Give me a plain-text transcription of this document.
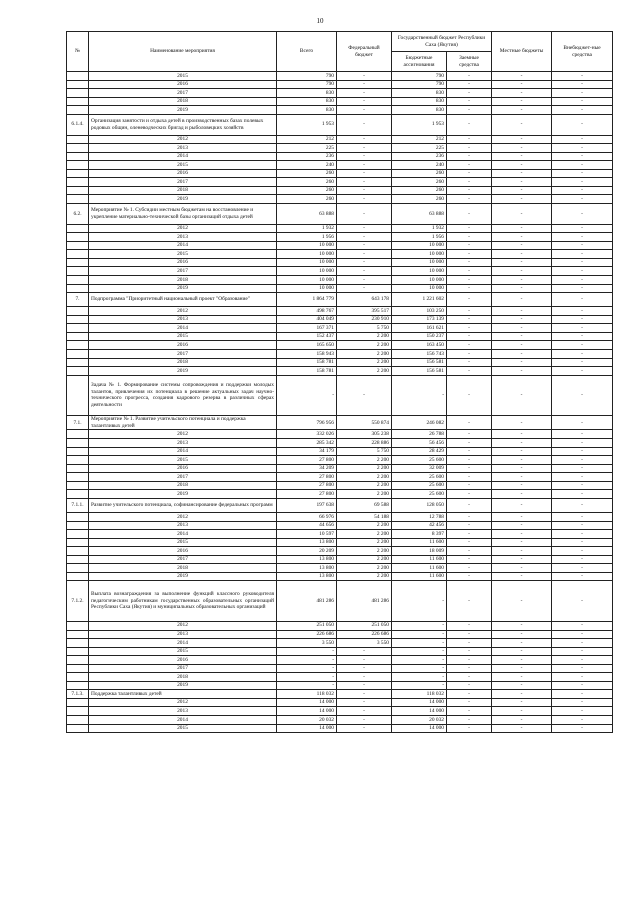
10
№	Наименование мероприятия	Всего	Федеральный бюджет	Государственный бюджет Республики Саха (Якутия)		Местные бюджеты	Внебюджет-ные средства
				Бюджетные ассигнования	Заемные средства		
	2015	790	-	790	-	-	-
	2016	790	-	790	-	-	-
	2017	830	-	830	-	-	-
	2018	830	-	830	-	-	-
	2019	830	-	830	-	-	-
6.1.4.	Организация занятости и отдыха детей в производственных базах полевых родовых общин, оленеводческих бригад и рыболовецких хозяйств	1 953	-	1 953	-	-	-
	2012	212	-	212	-	-	-
	2013	225	-	225	-	-	-
	2014	236	-	236	-	-	-
	2015	240	-	240	-	-	-
	2016	260	-	260	-	-	-
	2017	260	-	260	-	-	-
	2018	260	-	260	-	-	-
	2019	260	-	260	-	-	-
6.2.	Мероприятие № 1. Субсидии местным бюджетам на восстановление и укрепление материально-технической базы организаций отдыха детей	63 888	-	63 888	-	-	-
	2012	1 932	-	1 932	-	-	-
	2013	1 956	-	1 956	-	-	-
	2014	10 000	-	10 000	-	-	-
	2015	10 000	-	10 000	-	-	-
	2016	10 000	-	10 000	-	-	-
	2017	10 000	-	10 000	-	-	-
	2018	10 000	-	10 000	-	-	-
	2019	10 000	-	10 000	-	-	-
7.	Подпрограмма "Приоритетный национальный проект "Образование"	1 864 779	643 178	1 221 602	-	-	-
	2012	498 767	395 517	103 250	-	-	-
	2013	404 049	230 910	173 139	-	-	-
	2014	167 371	5 750	161 621	-	-	-
	2015	152 437	2 200	150 237	-	-	-
	2016	165 650	2 200	163 450	-	-	-
	2017	158 943	2 200	156 743	-	-	-
	2018	158 781	2 200	156 581	-	-	-
	2019	158 781	2 200	156 581	-	-	-
	Задача № 1. Формирование системы сопровождения и поддержки молодых талантов, привлечения их потенциала в решение актуальных задач научно-технического прогресса, создания кадрового резерва в различных сферах деятельности	-	-	-	-	-	-
7.1.	Мероприятие № 1. Развитие учительского потенциала и поддержка талантливых детей	796 956	550 874	246 082	-	-	-
	2012	332 026	305 238	26 788	-	-	-
	2013	285 342	228 886	56 456	-	-	-
	2014	34 179	5 750	28 429	-	-	-
	2015	27 800	2 200	25 600	-	-	-
	2016	34 209	2 200	32 009	-	-	-
	2017	27 800	2 200	25 600	-	-	-
	2018	27 800	2 200	25 600	-	-	-
	2019	27 800	2 200	25 600	-	-	-
7.1.1.	Развитие учительского потенциала, софинансирование федеральных программ	197 638	69 588	128 050	-	-	-
	2012	66 976	54 188	12 788	-	-	-
	2013	44 656	2 200	42 456	-	-	-
	2014	10 597	2 200	8 397	-	-	-
	2015	13 800	2 200	11 600	-	-	-
	2016	20 209	2 200	18 009	-	-	-
	2017	13 800	2 200	11 600	-	-	-
	2018	13 800	2 200	11 600	-	-	-
	2019	13 800	2 200	11 600	-	-	-
7.1.2.	Выплата вознаграждения за выполнение функций классного руководителя педагогическим работникам государственных образовательных организаций Республики Саха (Якутия) и муниципальных образовательных организаций	481 286	481 286	-	-	-	-
	2012	251 050	251 050	-	-	-	-
	2013	226 686	226 686	-	-	-	-
	2014	3 550	3 550	-	-	-	-
	2015	-	-	-	-	-	-
	2016	-	-	-	-	-	-
	2017	-	-	-	-	-	-
	2018	-	-	-	-	-	-
	2019	-	-	-	-	-	-
7.1.3.	Поддержка талантливых детей	118 032	-	118 032	-	-	-
	2012	14 000	-	14 000	-	-	-
	2013	14 000	-	14 000	-	-	-
	2014	20 032	-	20 032	-	-	-
	2015	14 000	-	14 000	-	-	-
